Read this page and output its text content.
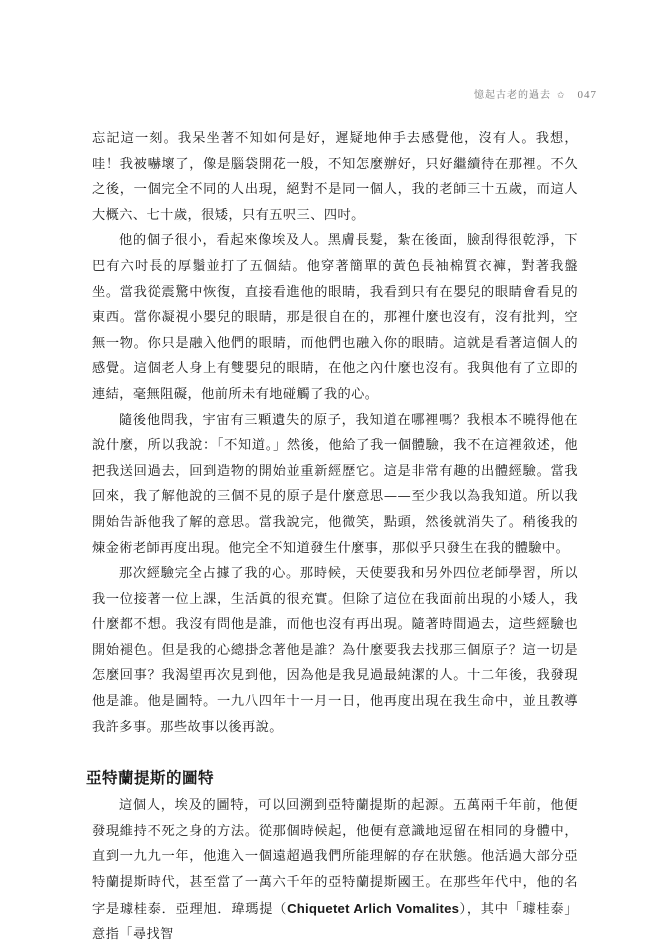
憶起古老的過去 ✩ 047

忘記這一刻。我呆坐著不知如何是好，遲疑地伸手去感覺他，沒有人。我想，哇！我被嚇壞了，像是腦袋開花一般，不知怎麼辦好，只好繼續待在那裡。不久之後，一個完全不同的人出現，絕對不是同一個人，我的老師三十五歲，而這人大概六、七十歲，很矮，只有五呎三、四吋。

他的個子很小，看起來像埃及人。黑膚長髮，紮在後面，臉刮得很乾淨，下巴有六吋長的厚鬚並打了五個結。他穿著簡單的黃色長袖棉質衣褲，對著我盤坐。當我從震驚中恢復，直接看進他的眼睛，我看到只有在嬰兒的眼睛會看見的東西。當你凝視小嬰兒的眼睛，那是很自在的，那裡什麼也沒有，沒有批判，空無一物。你只是融入他們的眼睛，而他們也融入你的眼睛。這就是看著這個人的感覺。這個老人身上有雙嬰兒的眼睛，在他之內什麼也沒有。我與他有了立即的連結，毫無阻礙，他前所未有地碰觸了我的心。

隨後他問我，宇宙有三顆遺失的原子，我知道在哪裡嗎？我根本不曉得他在說什麼，所以我說：「不知道。」然後，他給了我一個體驗，我不在這裡敘述，他把我送回過去，回到造物的開始並重新經歷它。這是非常有趣的出體經驗。當我回來，我了解他說的三個不見的原子是什麼意思——至少我以為我知道。所以我開始告訴他我了解的意思。當我說完，他微笑，點頭，然後就消失了。稍後我的煉金術老師再度出現。他完全不知道發生什麼事，那似乎只發生在我的體驗中。

那次經驗完全占據了我的心。那時候，天使要我和另外四位老師學習，所以我一位接著一位上課，生活眞的很充實。但除了這位在我面前出現的小矮人，我什麼都不想。我沒有問他是誰，而他也沒有再出現。隨著時間過去，這些經驗也開始褪色。但是我的心總掛念著他是誰？為什麼要我去找那三個原子？這一切是怎麼回事？我渴望再次見到他，因為他是我見過最純潔的人。十二年後，我發現他是誰。他是圖特。一九八四年十一月一日，他再度出現在我生命中，並且教導我許多事。那些故事以後再說。

亞特蘭提斯的圖特

這個人，埃及的圖特，可以回溯到亞特蘭提斯的起源。五萬兩千年前，他便發現維持不死之身的方法。從那個時候起，他便有意識地逗留在相同的身體中，直到一九九一年，他進入一個遠超過我們所能理解的存在狀態。他活過大部分亞特蘭提斯時代，甚至當了一萬六千年的亞特蘭提斯國王。在那些年代中，他的名字是璩桂泰．亞理旭．瑋瑪提（Chiquetet Arlich Vomalites），其中「璩桂泰」意指「尋找智
